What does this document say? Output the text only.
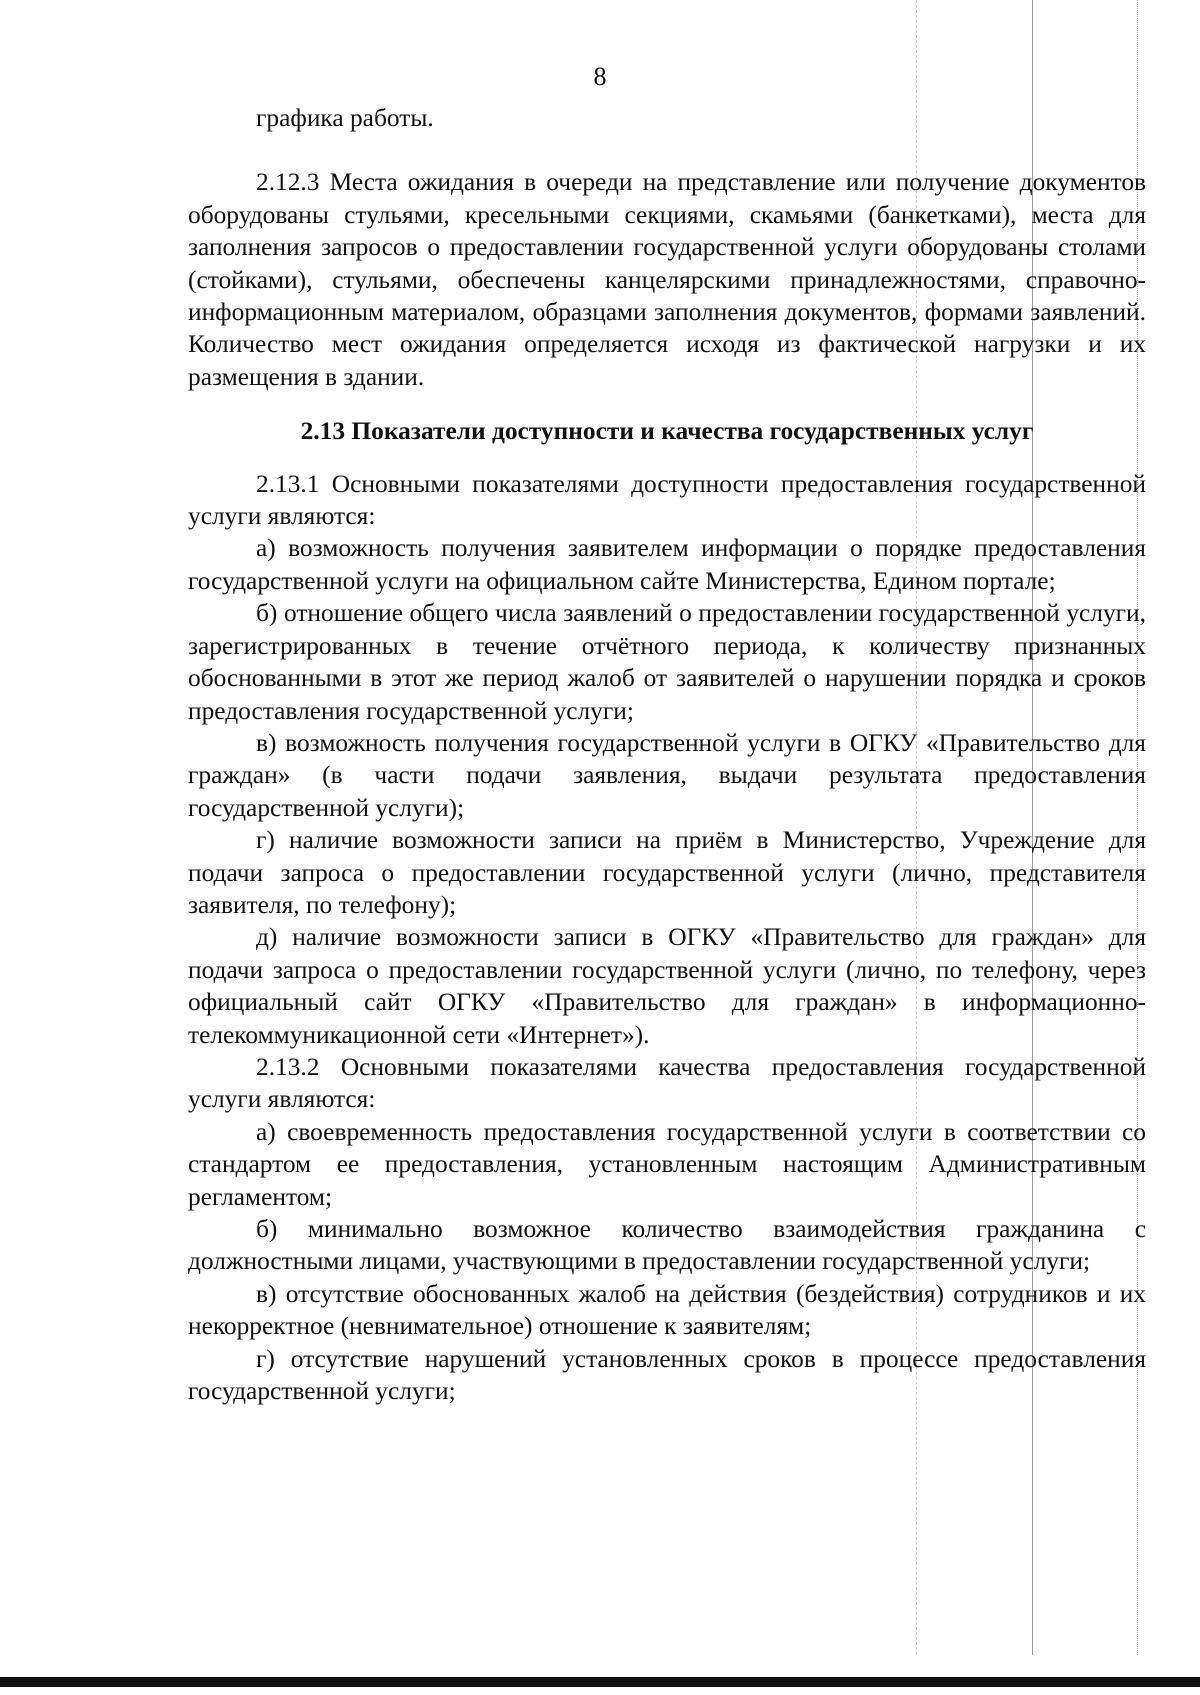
8

графика работы.

2.12.3 Места ожидания в очереди на представление или получение документов оборудованы стульями, кресельными секциями, скамьями (банкетками), места для заполнения запросов о предоставлении государственной услуги оборудованы столами (стойками), стульями, обеспечены канцелярскими принадлежностями, справочно-информационным материалом, образцами заполнения документов, формами заявлений. Количество мест ожидания определяется исходя из фактической нагрузки и их размещения в здании.

2.13 Показатели доступности и качества государственных услуг

2.13.1 Основными показателями доступности предоставления государственной услуги являются:

а) возможность получения заявителем информации о порядке предоставления государственной услуги на официальном сайте Министерства, Едином портале;

б) отношение общего числа заявлений о предоставлении государственной услуги, зарегистрированных в течение отчётного периода, к количеству признанных обоснованными в этот же период жалоб от заявителей о нарушении порядка и сроков предоставления государственной услуги;

в) возможность получения государственной услуги в ОГКУ «Правительство для граждан» (в части подачи заявления, выдачи результата предоставления государственной услуги);

г) наличие возможности записи на приём в Министерство, Учреждение для подачи запроса о предоставлении государственной услуги (лично, представителя заявителя, по телефону);

д) наличие возможности записи в ОГКУ «Правительство для граждан» для подачи запроса о предоставлении государственной услуги (лично, по телефону, через официальный сайт ОГКУ «Правительство для граждан» в информационно-телекоммуникационной сети «Интернет»).

2.13.2 Основными показателями качества предоставления государственной услуги являются:

а) своевременность предоставления государственной услуги в соответствии со стандартом ее предоставления, установленным настоящим Административным регламентом;

б) минимально возможное количество взаимодействия гражданина с должностными лицами, участвующими в предоставлении государственной услуги;

в) отсутствие обоснованных жалоб на действия (бездействия) сотрудников и их некорректное (невнимательное) отношение к заявителям;

г) отсутствие нарушений установленных сроков в процессе предоставления государственной услуги;
